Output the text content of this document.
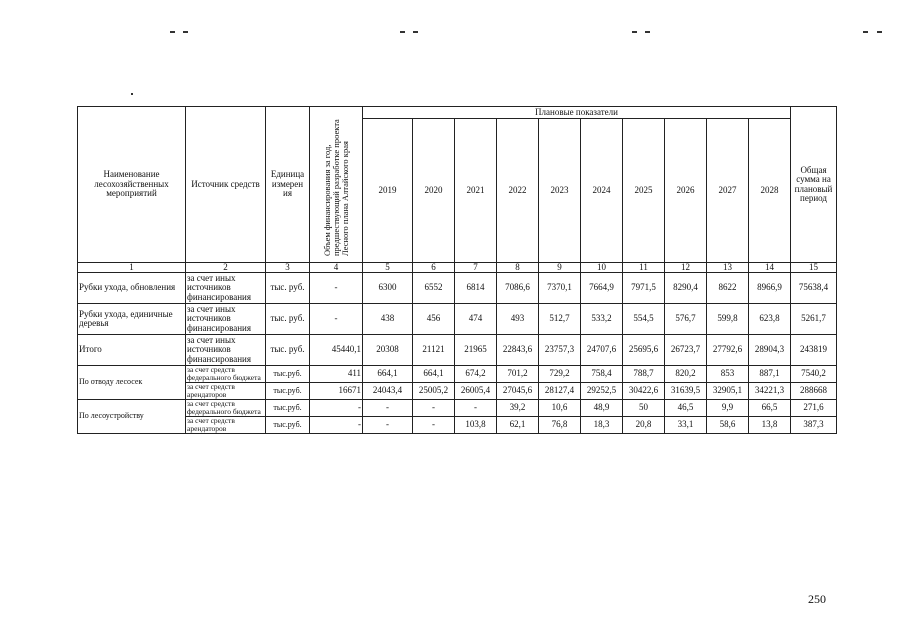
Наименование лесохозяйственных мероприятий	Источник средств	Единица измерен ия	Объем финансирования за год, предшествующий разработке проекта Лесного плана Алтайского края	Плановые показатели										Общая сумма на плановый период
				2019	2020	2021	2022	2023	2024	2025	2026	2027	2028	
1	2	3	4	5	6	7	8	9	10	11	12	13	14	15
Рубки ухода, обновления	за счет иных источников финансирования	тыс. руб.	-	6300	6552	6814	7086,6	7370,1	7664,9	7971,5	8290,4	8622	8966,9	75638,4
Рубки ухода, единичные деревья	за счет иных источников финансирования	тыс. руб.	-	438	456	474	493	512,7	533,2	554,5	576,7	599,8	623,8	5261,7
Итого	за счет иных источников финансирования	тыс. руб.	45440,1	20308	21121	21965	22843,6	23757,3	24707,6	25695,6	26723,7	27792,6	28904,3	243819
По отводу лесосек	за счет средств федерального бюджета	тыс.руб.	411	664,1	664,1	674,2	701,2	729,2	758,4	788,7	820,2	853	887,1	7540,2
	за счет средств арендаторов	тыс.руб.	16671	24043,4	25005,2	26005,4	27045,6	28127,4	29252,5	30422,6	31639,5	32905,1	34221,3	288668
По лесоустройству	за счет средств федерального бюджета	тыс.руб.	-	-	-	-	39,2	10,6	48,9	50	46,5	9,9	66,5	271,6
	за счет средств арендаторов	тыс.руб.	-	-	-	103,8	62,1	76,8	18,3	20,8	33,1	58,6	13,8	387,3
250
